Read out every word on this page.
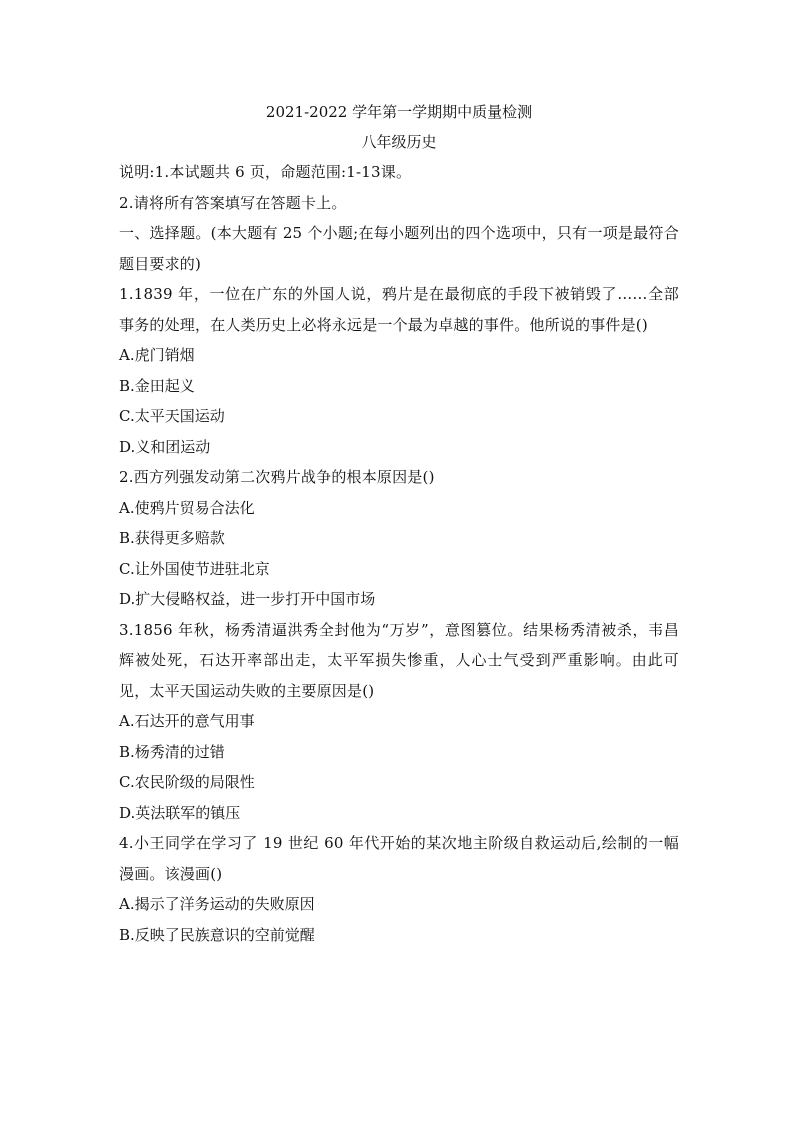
2021-2022 学年第一学期期中质量检测
八年级历史
说明:1.本试题共 6 页，命题范围:1-13课。
2.请将所有答案填写在答题卡上。
一、选择题。(本大题有 25 个小题;在每小题列出的四个选项中，只有一项是最符合题目要求的)
1.1839 年，一位在广东的外国人说，鸦片是在最彻底的手段下被销毁了……全部事务的处理，在人类历史上必将永远是一个最为卓越的事件。他所说的事件是()
A.虎门销烟
B.金田起义
C.太平天国运动
D.义和团运动
2.西方列强发动第二次鸦片战争的根本原因是()
A.使鸦片贸易合法化
B.获得更多赔款
C.让外国使节进驻北京
D.扩大侵略权益，进一步打开中国市场
3.1856 年秋，杨秀清逼洪秀全封他为“万岁”，意图篡位。结果杨秀清被杀，韦昌辉被处死，石达开率部出走，太平军损失惨重，人心士气受到严重影响。由此可见，太平天国运动失败的主要原因是()
A.石达开的意气用事
B.杨秀清的过错
C.农民阶级的局限性
D.英法联军的镇压
4.小王同学在学习了 19 世纪 60 年代开始的某次地主阶级自救运动后,绘制的一幅漫画。该漫画()
A.揭示了洋务运动的失败原因
B.反映了民族意识的空前觉醒
